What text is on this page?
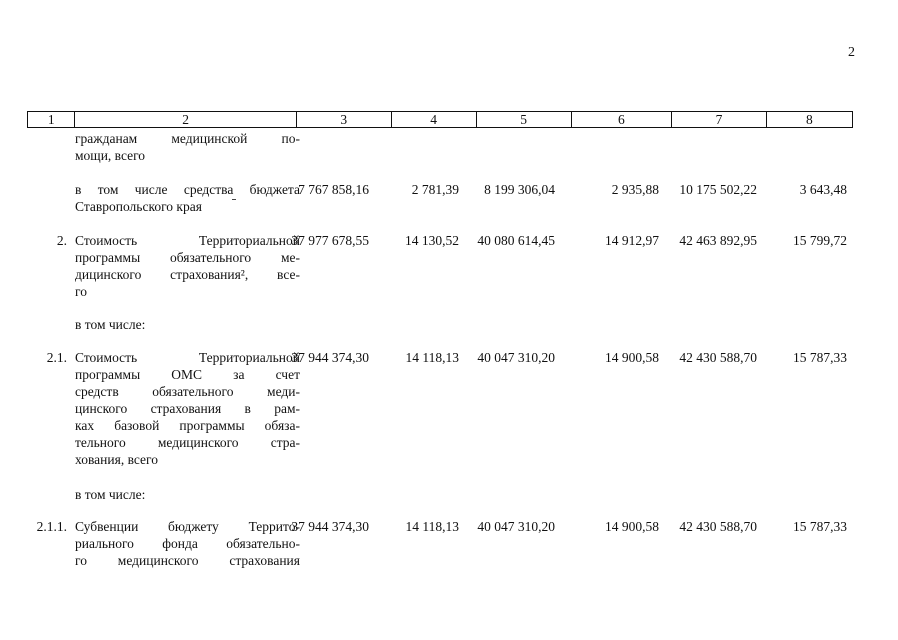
2
1	2	3	4	5	6	7	8
гражданам медицинской по-
мощи, всего
в том числе средства бюджета
Ставропольского края
7 767 858,16	2 781,39	8 199 306,04	2 935,88	10 175 502,22	3 643,48
2. Стоимость Территориальной
программы обязательного ме-
дицинского страхования², все-
го
37 977 678,55	14 130,52	40 080 614,45	14 912,97	42 463 892,95	15 799,72
в том числе:
2.1. Стоимость Территориальной
программы ОМС за счет
средств обязательного меди-
цинского страхования в рам-
ках базовой программы обяза-
тельного медицинского стра-
хования, всего
37 944 374,30	14 118,13	40 047 310,20	14 900,58	42 430 588,70	15 787,33
в том числе:
2.1.1. Субвенции бюджету Террито-
риального фонда обязательно-
го медицинского страхования
37 944 374,30	14 118,13	40 047 310,20	14 900,58	42 430 588,70	15 787,33
